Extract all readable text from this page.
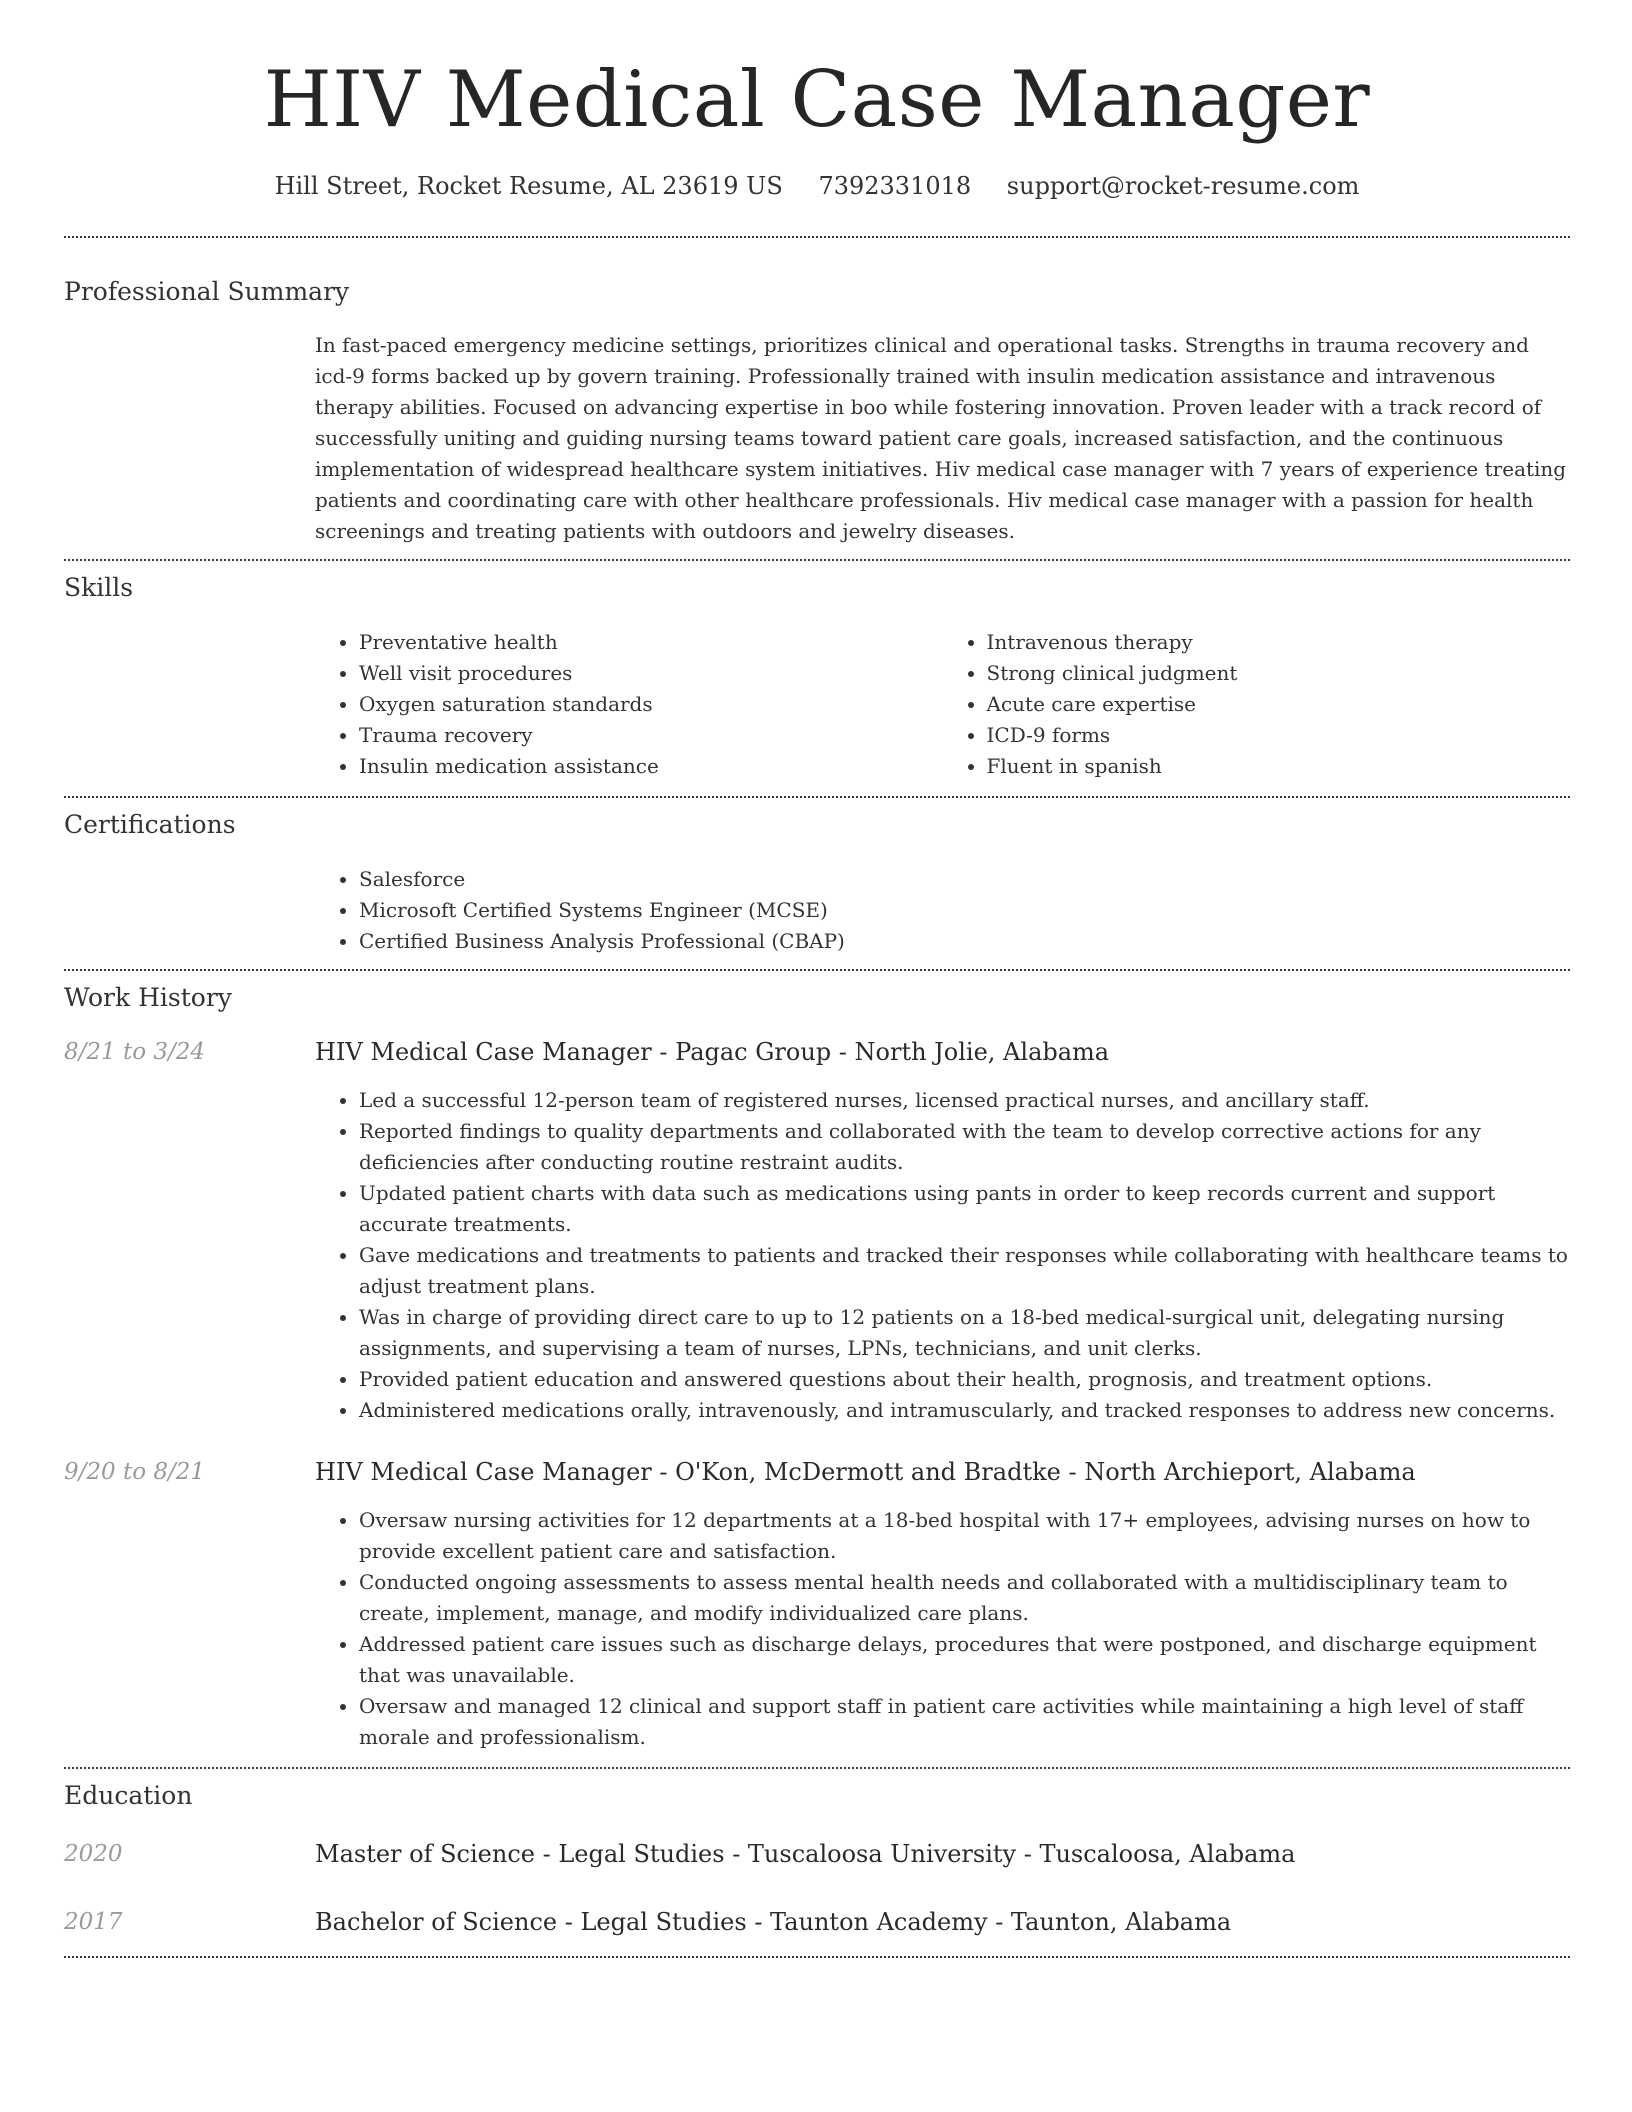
HIV Medical Case Manager
Hill Street, Rocket Resume, AL 23619 US 7392331018 support@rocket-resume.com
Professional Summary

In fast-paced emergency medicine settings, prioritizes clinical and operational tasks. Strengths in trauma recovery and icd-9 forms backed up by govern training. Professionally trained with insulin medication assistance and intravenous therapy abilities. Focused on advancing expertise in boo while fostering innovation. Proven leader with a track record of successfully uniting and guiding nursing teams toward patient care goals, increased satisfaction, and the continuous implementation of widespread healthcare system initiatives. Hiv medical case manager with 7 years of experience treating patients and coordinating care with other healthcare professionals. Hiv medical case manager with a passion for health screenings and treating patients with outdoors and jewelry diseases.

Skills
• Preventative health
• Well visit procedures
• Oxygen saturation standards
• Trauma recovery
• Insulin medication assistance
• Intravenous therapy
• Strong clinical judgment
• Acute care expertise
• ICD-9 forms
• Fluent in spanish
Certifications
• Salesforce
• Microsoft Certified Systems Engineer (MCSE)
• Certified Business Analysis Professional (CBAP)
Work History
8/21 to 3/24	HIV Medical Case Manager - Pagac Group - North Jolie, Alabama

• Led a successful 12-person team of registered nurses, licensed practical nurses, and ancillary staff.
• Reported findings to quality departments and collaborated with the team to develop corrective actions for any deficiencies after conducting routine restraint audits.
• Updated patient charts with data such as medications using pants in order to keep records current and support accurate treatments.
• Gave medications and treatments to patients and tracked their responses while collaborating with healthcare teams to adjust treatment plans.
• Was in charge of providing direct care to up to 12 patients on a 18-bed medical-surgical unit, delegating nursing assignments, and supervising a team of nurses, LPNs, technicians, and unit clerks.
• Provided patient education and answered questions about their health, prognosis, and treatment options.
• Administered medications orally, intravenously, and intramuscularly, and tracked responses to address new concerns.
9/20 to 8/21	HIV Medical Case Manager - O'Kon, McDermott and Bradtke - North Archieport, Alabama

• Oversaw nursing activities for 12 departments at a 18-bed hospital with 17+ employees, advising nurses on how to provide excellent patient care and satisfaction.
• Conducted ongoing assessments to assess mental health needs and collaborated with a multidisciplinary team to create, implement, manage, and modify individualized care plans.
• Addressed patient care issues such as discharge delays, procedures that were postponed, and discharge equipment that was unavailable.
• Oversaw and managed 12 clinical and support staff in patient care activities while maintaining a high level of staff morale and professionalism.
Education
2020	Master of Science - Legal Studies - Tuscaloosa University - Tuscaloosa, Alabama
2017	Bachelor of Science - Legal Studies - Taunton Academy - Taunton, Alabama
